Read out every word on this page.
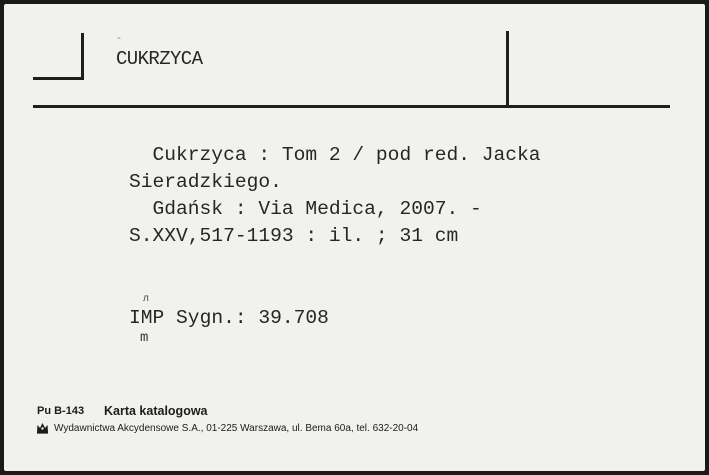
-
CUKRZYCA
Cukrzyca : Tom 2 / pod red. Jacka
Sieradzkiego.
Gdańsk : Via Medica, 2007. -
S.XXV,517-1193 : il. ; 31 cm
л
IMP Sygn.: 39.708
m
Pu B-143 Karta katalogowa
Wydawnictwa Akcydensowe S.A., 01-225 Warszawa, ul. Bema 60a, tel. 632-20-04
